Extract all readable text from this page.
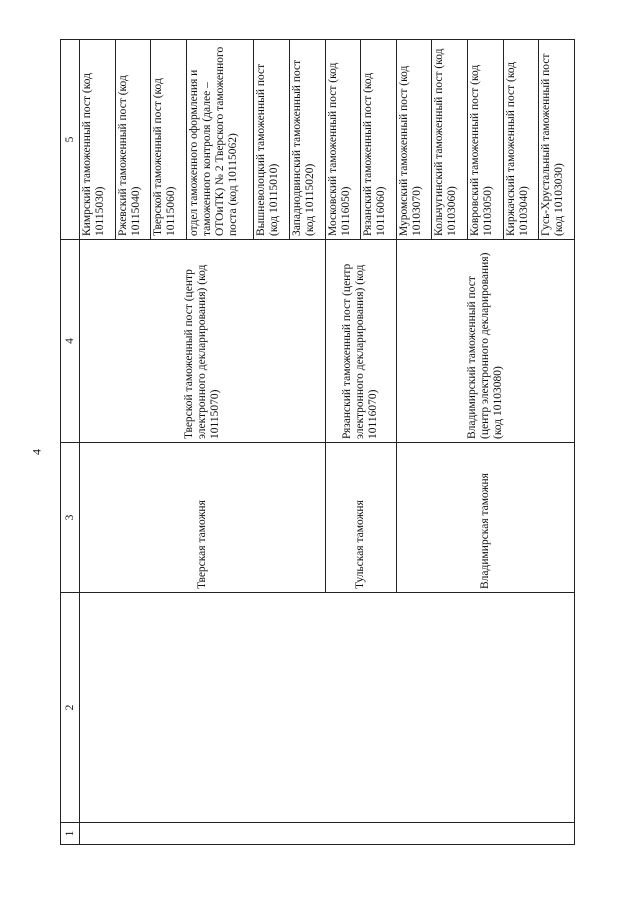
4
1	2	3	4	5
		Тверская таможня	Тверской таможенный пост (центр электронного декларирования) (код 10115070)	Кимрский таможенный пост (код 10115030)
				Ржевский таможенный пост (код 10115040)
				Тверской таможенный пост (код 10115060)
				отдел таможенного оформления и таможенного контроля (далее – ОТОиТК) № 2 Тверского таможенного поста (код 10115062)
				Вышневолоцкий таможенный пост (код 10115010)
				Западнодвинский таможенный пост (код 10115020)
		Тульская таможня	Рязанский таможенный пост (центр электронного декларирования) (код 10116070)	Московский таможенный пост (код 10116050)
				Рязанский таможенный пост (код 10116060)
		Владимирская таможня	Владимирский таможенный пост (центр электронного декларирования) (код 10103080)	Муромский таможенный пост (код 10103070)
				Кольчугинский таможенный пост (код 10103060)
				Ковровский таможенный пост (код 10103050)
				Киржачский таможенный пост (код 10103040)
				Гусь-Хрустальный таможенный пост (код 10103030)
